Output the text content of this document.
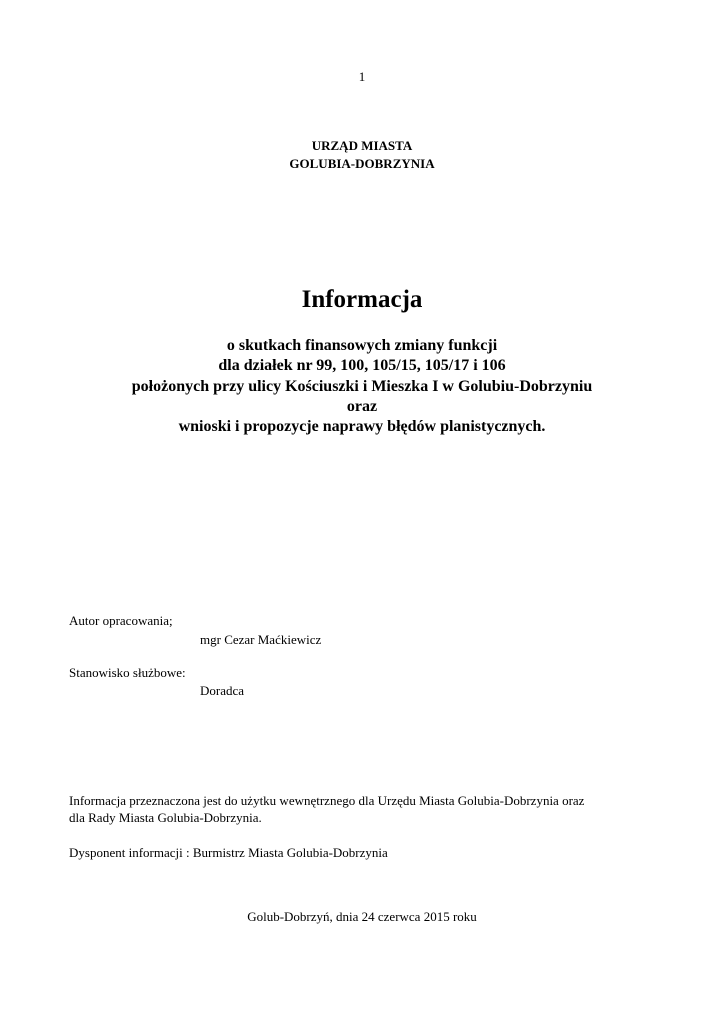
1
URZĄD MIASTA
GOLUBIA-DOBRZYNIA
Informacja
o skutkach finansowych zmiany funkcji
dla działek nr 99, 100, 105/15, 105/17 i 106
położonych przy ulicy Kościuszki i Mieszka I w Golubiu-Dobrzyniu
oraz
wnioski i propozycje naprawy błędów planistycznych.
Autor opracowania;
mgr Cezar Maćkiewicz
Stanowisko służbowe:
Doradca
Informacja przeznaczona jest do użytku wewnętrznego dla Urzędu Miasta Golubia-Dobrzynia oraz
dla Rady Miasta Golubia-Dobrzynia.
Dysponent informacji : Burmistrz Miasta Golubia-Dobrzynia
Golub-Dobrzyń, dnia 24 czerwca 2015 roku
